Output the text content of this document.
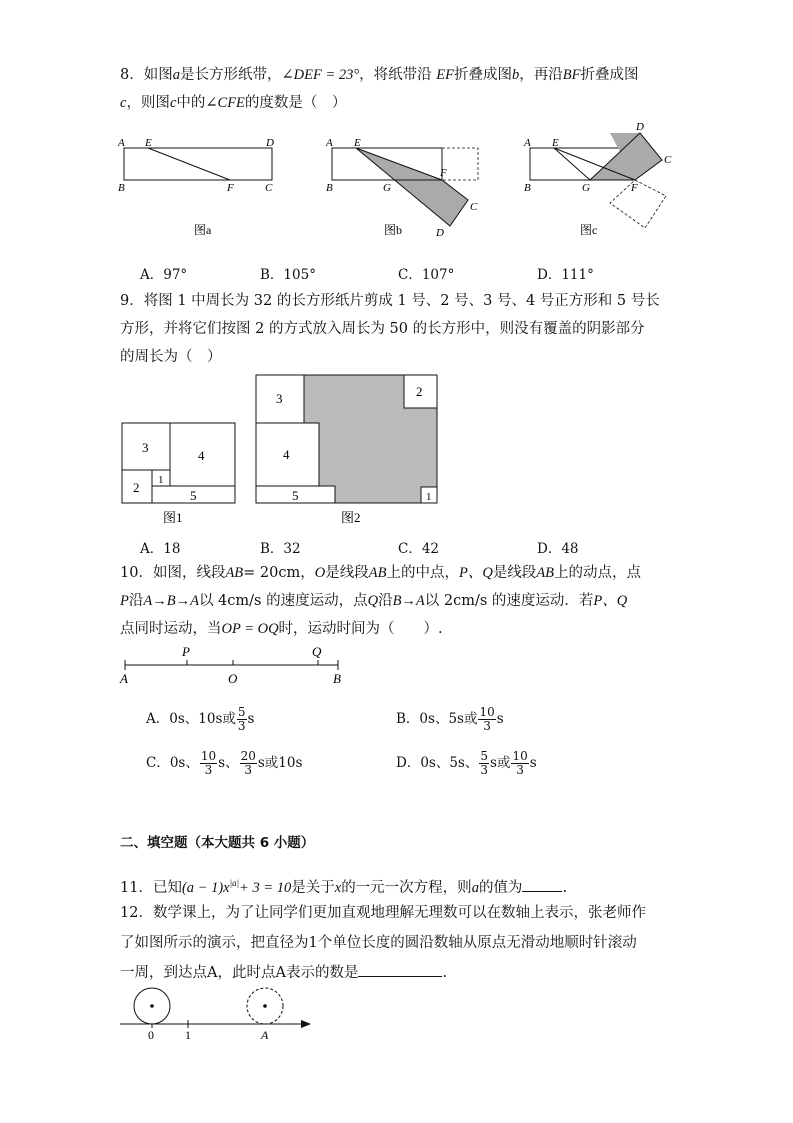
8．如图a是长方形纸带，∠DEF = 23°，将纸带沿 EF折叠成图b，再沿BF折叠成图
c，则图c中的∠CFE的度数是（　）
A E	D
B	F	C
图a
A E
B	G
F
C
D
图b
A E
B	G	F
D
C
图c
A．97°	B．105°	C．107°	D．111°
9．将图 1 中周长为 32 的长方形纸片剪成 1 号、2 号、3 号、4 号正方形和 5 号长
方形，并将它们按图 2 的方式放入周长为 50 的长方形中，则没有覆盖的阴影部分
的周长为（　）
3
4
2 1
5
图1
3	2
4
5	1
图2
A．18	B．32	C．42	D．48
10．如图，线段AB= 20cm，O是线段AB上的中点，P、Q是线段AB上的动点，点
P沿A→B→A以 4cm/s 的速度运动，点Q沿B→A以 2cm/s 的速度运动．若P、Q
点同时运动，当OP = OQ时，运动时间为（　　）.
P	Q
A	O	B
A．0s、10s或 $\frac{5}{3}$ s	B．0s、5s或 $\frac{10}{3}$ s
C．0s、 $\frac{10}{3}$ s、 $\frac{20}{3}$ s或10s	D．0s、5s、 $\frac{5}{3}$ s或 $\frac{10}{3}$ s
二、填空题（本大题共 6 小题）
11．已知$(a - 1)x^{|a|}+ 3 = 10$是关于x的一元一次方程，则a的值为	.
12．数学课上，为了让同学们更加直观地理解无理数可以在数轴上表示，张老师作
了如图所示的演示，把直径为1个单位长度的圆沿数轴从原点无滑动地顺时针滚动
一周，到达点A，此时点A表示的数是	.
0	1	A
